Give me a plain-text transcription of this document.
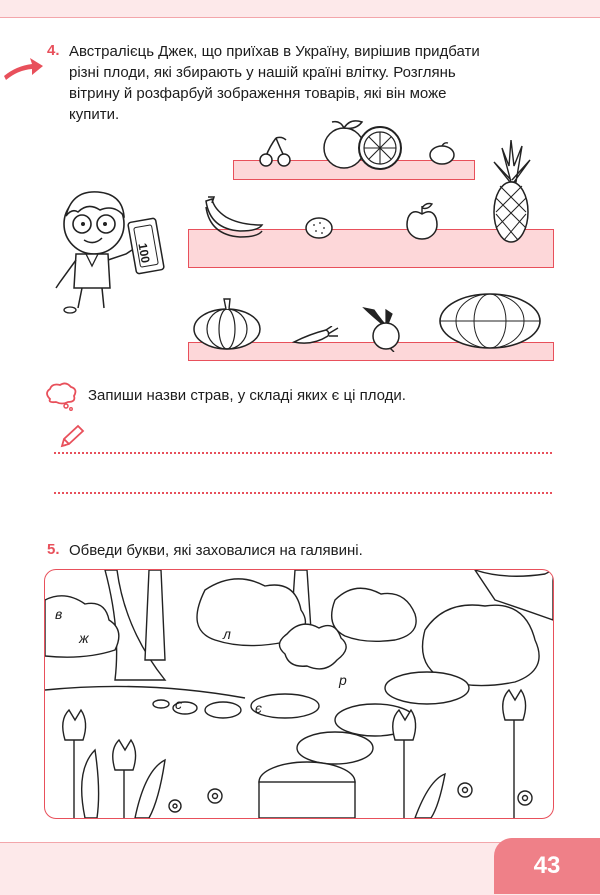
4. Австралієць Джек, що приїхав в Україну, вирішив придбати
різні плоди, які збирають у нашій країні влітку. Розглянь
вітрину й розфарбуй зображення товарів, які він може
купити.
100
Запиши назви страв, у складі яких є ці плоди.
5. Обведи букви, які заховалися на галявині.
в
ж	л
с	є
р
43
